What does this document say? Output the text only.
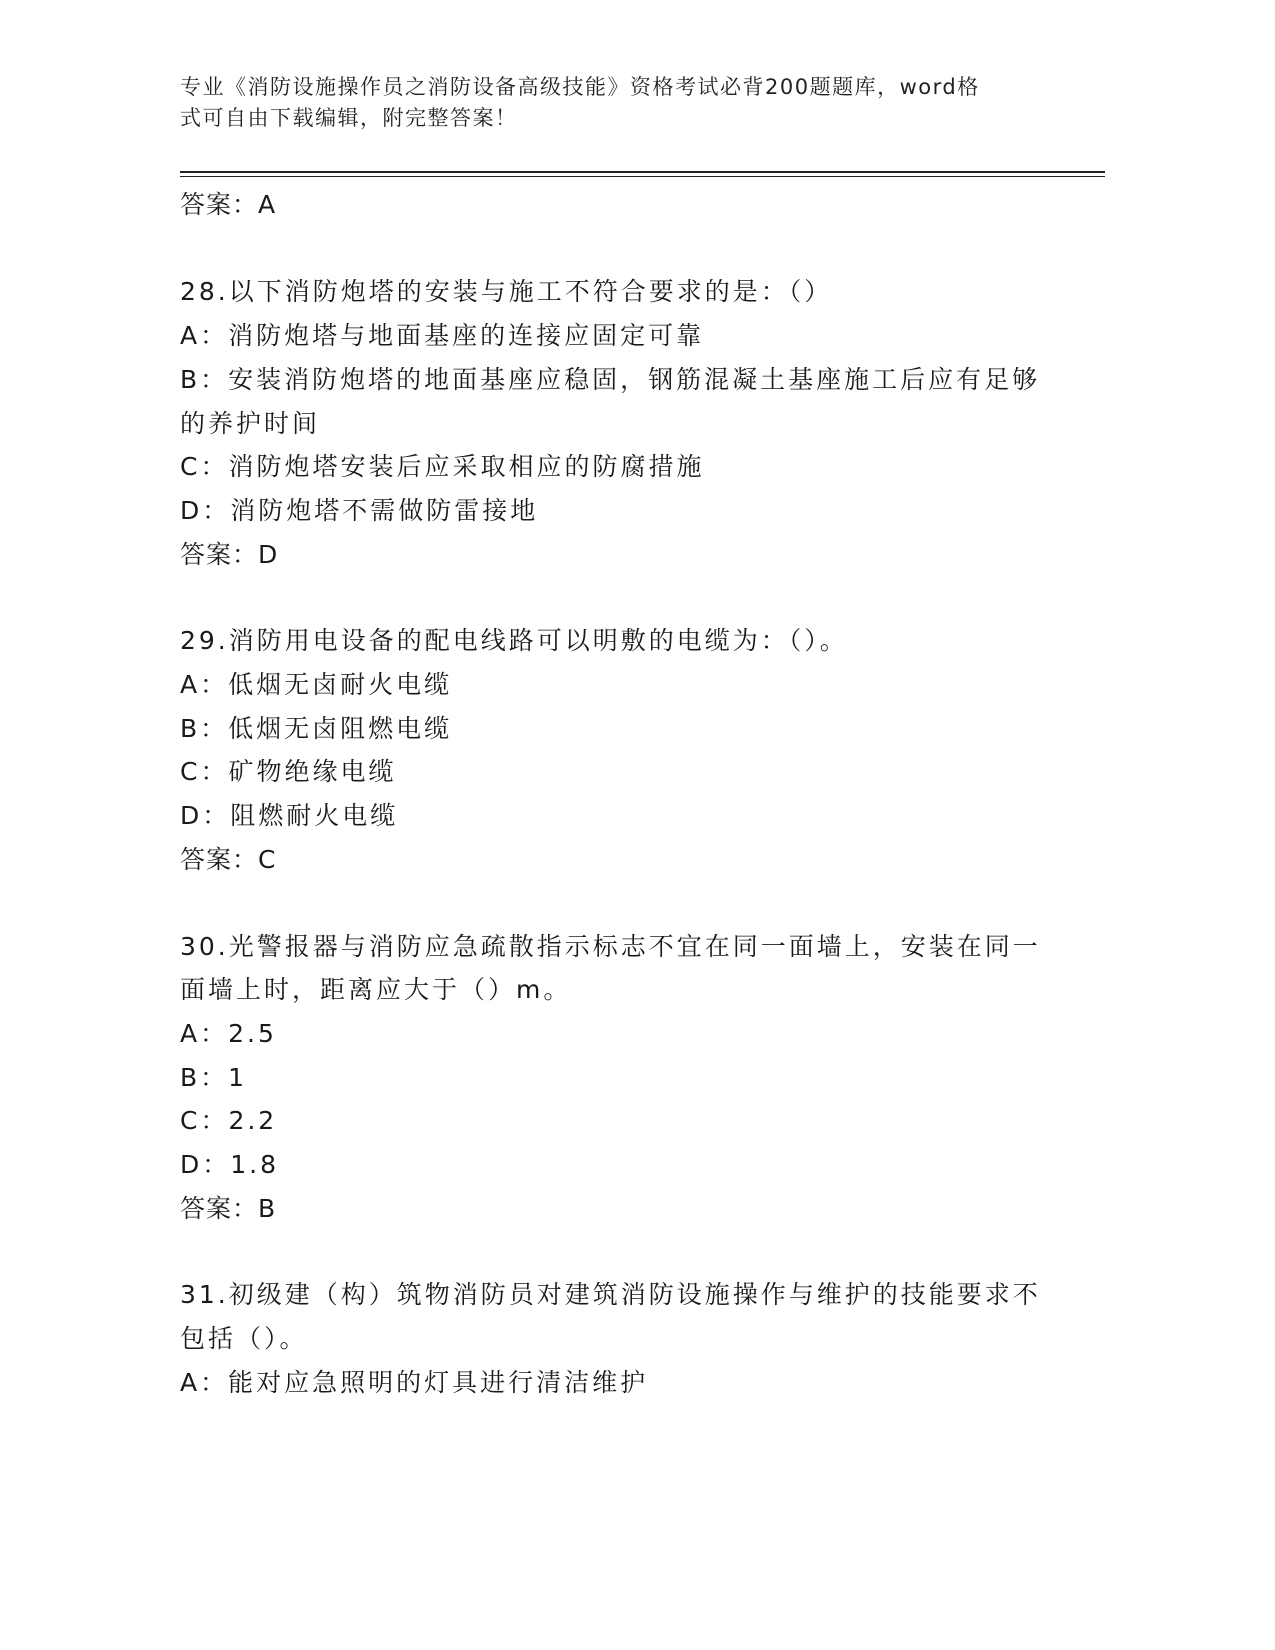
专业《消防设施操作员之消防设备高级技能》资格考试必背200题题库，word格
式可自由下载编辑，附完整答案！
答案：A
28.以下消防炮塔的安装与施工不符合要求的是：（）
A：消防炮塔与地面基座的连接应固定可靠
B：安装消防炮塔的地面基座应稳固，钢筋混凝土基座施工后应有足够
的养护时间
C：消防炮塔安装后应采取相应的防腐措施
D：消防炮塔不需做防雷接地
答案：D
29.消防用电设备的配电线路可以明敷的电缆为：（）。
A：低烟无卤耐火电缆
B：低烟无卤阻燃电缆
C：矿物绝缘电缆
D：阻燃耐火电缆
答案：C
30.光警报器与消防应急疏散指示标志不宜在同一面墙上，安装在同一
面墙上时，距离应大于（）m。
A：2.5
B：1
C：2.2
D：1.8
答案：B
31.初级建（构）筑物消防员对建筑消防设施操作与维护的技能要求不
包括（）。
A：能对应急照明的灯具进行清洁维护
